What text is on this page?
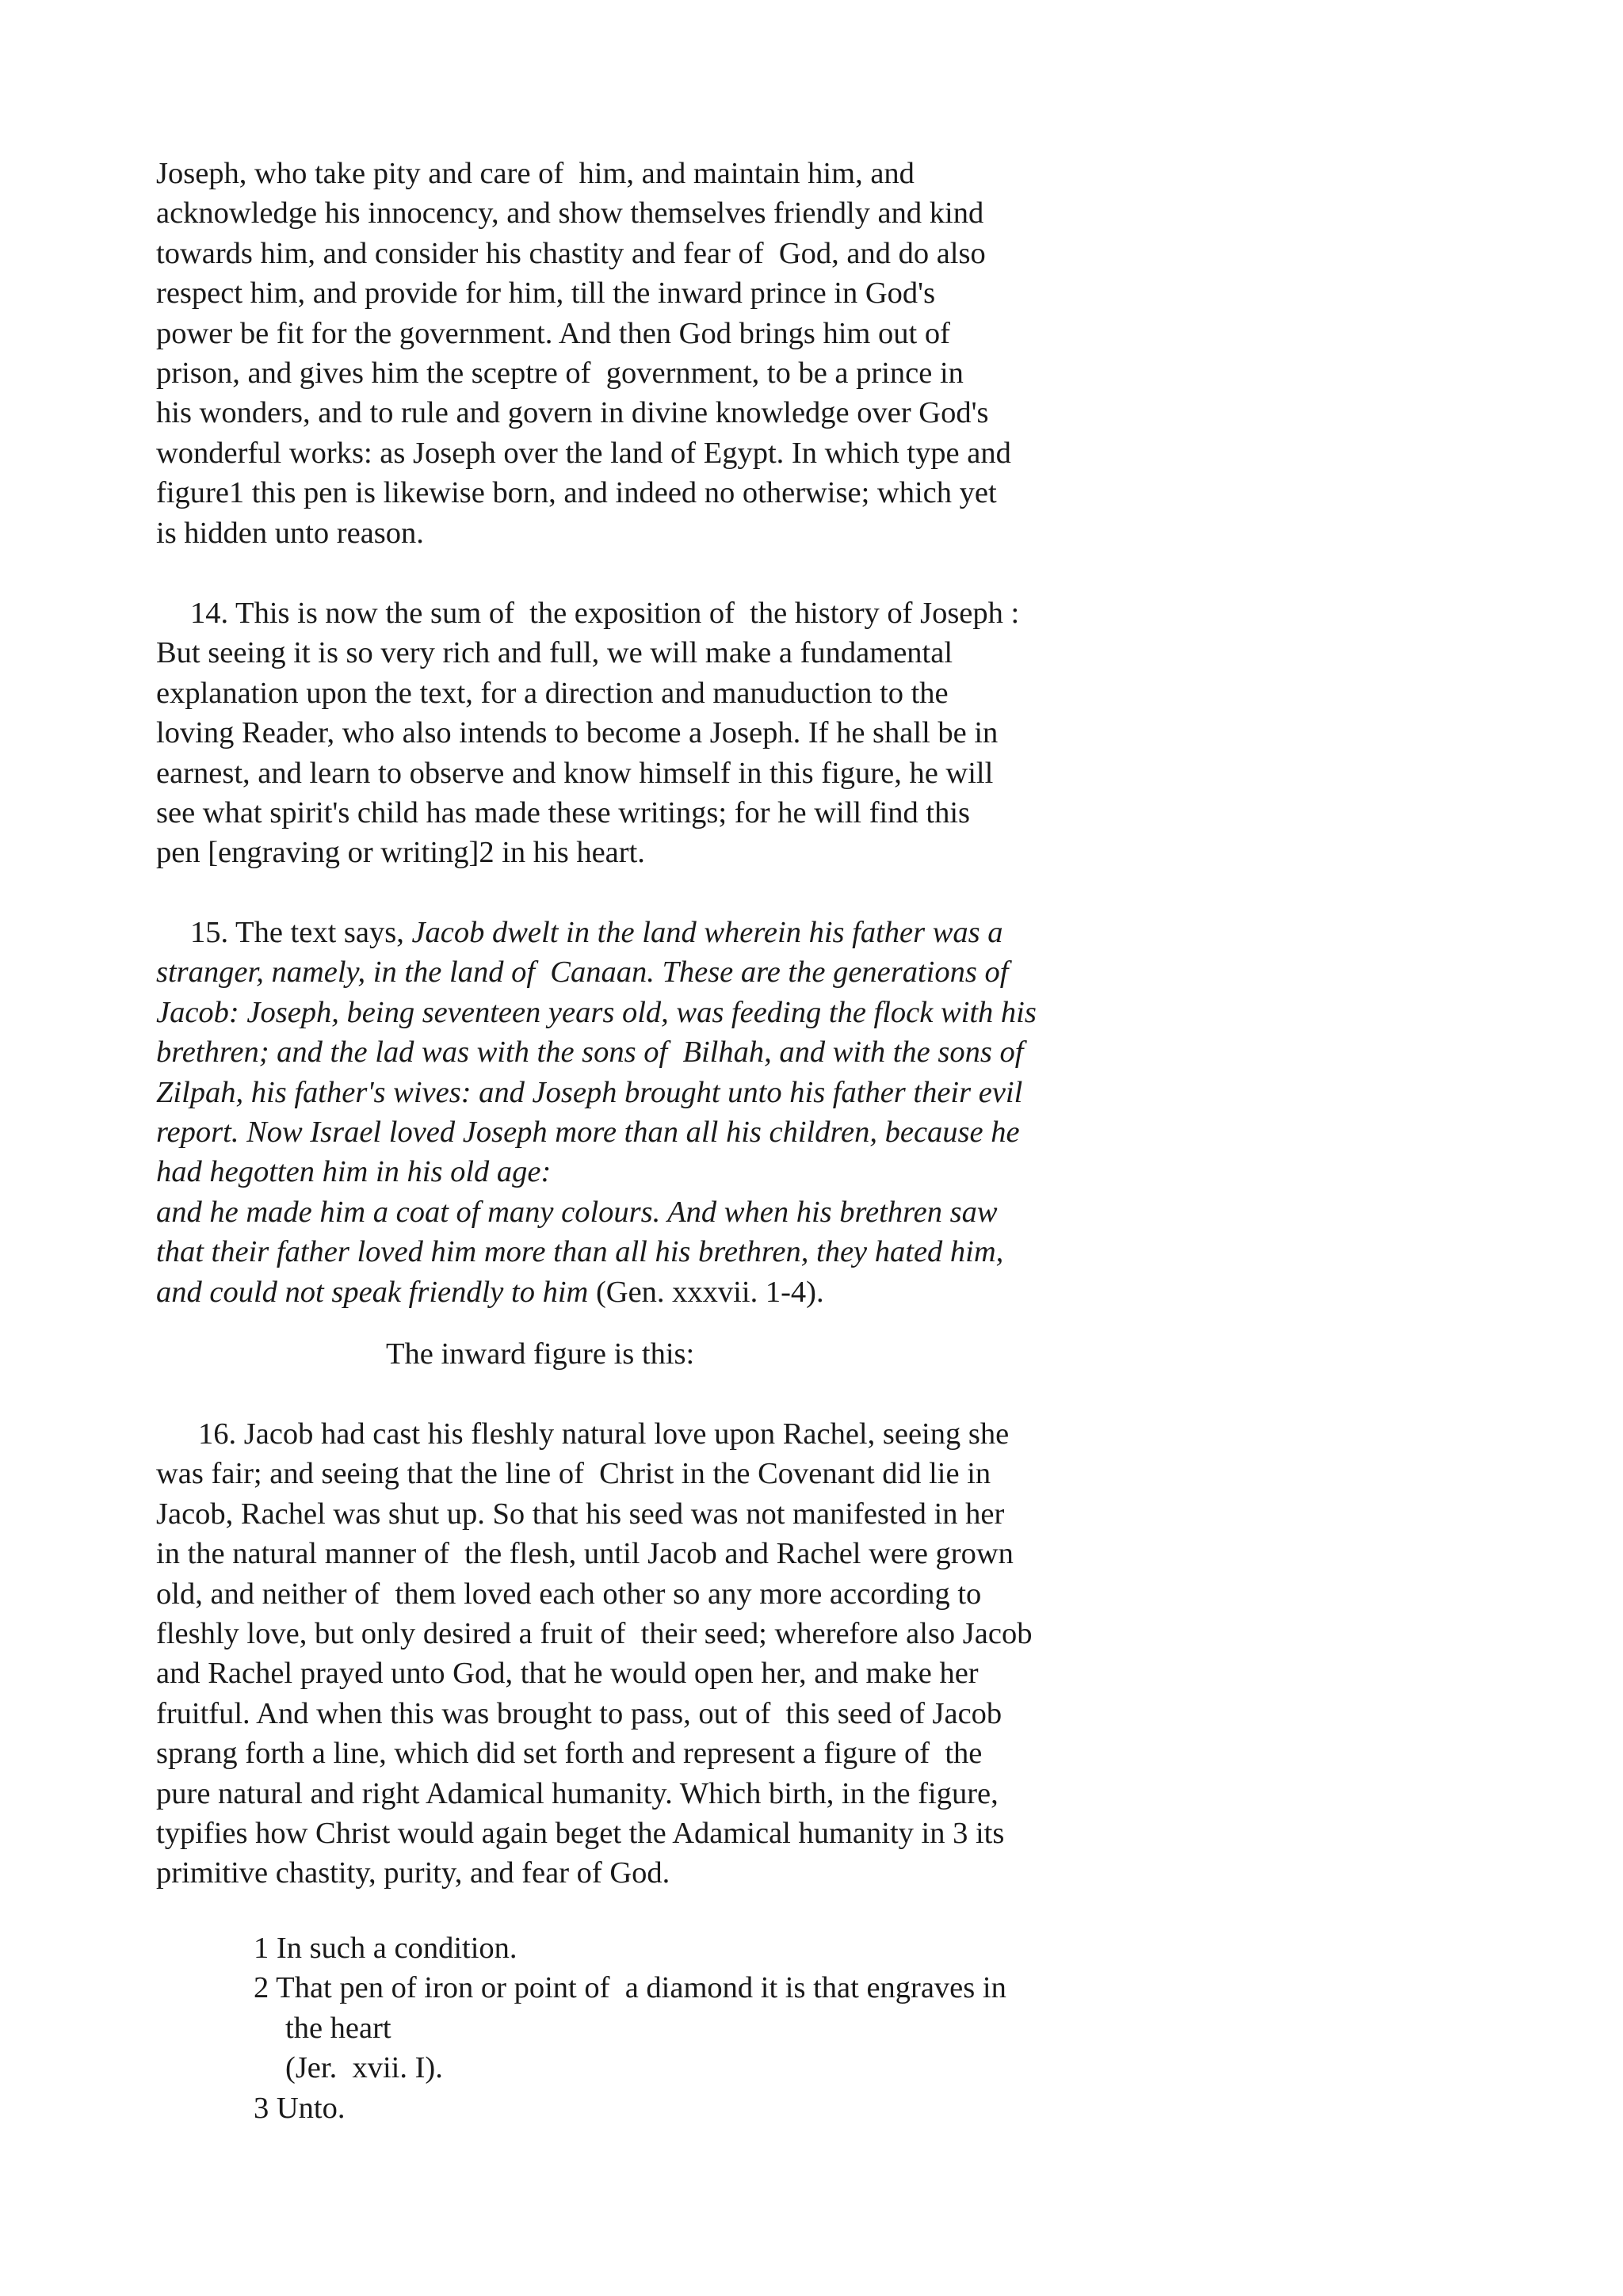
Joseph, who take pity and care of  him, and maintain him, and
acknowledge his innocency, and show themselves friendly and kind
towards him, and consider his chastity and fear of  God, and do also
respect him, and provide for him, till the inward prince in God's
power be fit for the government. And then God brings him out of
prison, and gives him the sceptre of  government, to be a prince in
his wonders, and to rule and govern in divine knowledge over God's
wonderful works: as Joseph over the land of Egypt. In which type and
figure1 this pen is likewise born, and indeed no otherwise; which yet
is hidden unto reason.
14. This is now the sum of  the exposition of  the history of Joseph :
But seeing it is so very rich and full, we will make a fundamental
explanation upon the text, for a direction and manuduction to the
loving Reader, who also intends to become a Joseph. If he shall be in
earnest, and learn to observe and know himself in this figure, he will
see what spirit's child has made these writings; for he will find this
pen [engraving or writing]2 in his heart.
15. The text says, Jacob dwelt in the land wherein his father was a
stranger, namely, in the land of  Canaan. These are the generations of
Jacob: Joseph, being seventeen years old, was feeding the flock with his
brethren; and the lad was with the sons of  Bilhah, and with the sons of
Zilpah, his father's wives: and Joseph brought unto his father their evil
report. Now Israel loved Joseph more than all his children, because he
had hegotten him in his old age:
and he made him a coat of many colours. And when his brethren saw
that their father loved him more than all his brethren, they hated him,
and could not speak friendly to him (Gen. xxxvii. 1-4).
The inward figure is this:
16. Jacob had cast his fleshly natural love upon Rachel, seeing she
was fair; and seeing that the line of  Christ in the Covenant did lie in
Jacob, Rachel was shut up. So that his seed was not manifested in her
in the natural manner of  the flesh, until Jacob and Rachel were grown
old, and neither of  them loved each other so any more according to
fleshly love, but only desired a fruit of  their seed; wherefore also Jacob
and Rachel prayed unto God, that he would open her, and make her
fruitful. And when this was brought to pass, out of  this seed of Jacob
sprang forth a line, which did set forth and represent a figure of  the
pure natural and right Adamical humanity. Which birth, in the figure,
typifies how Christ would again beget the Adamical humanity in 3 its
primitive chastity, purity, and fear of God.
1 In such a condition.
2 That pen of iron or point of  a diamond it is that engraves in
the heart
(Jer.  xvii. I).
3 Unto.
